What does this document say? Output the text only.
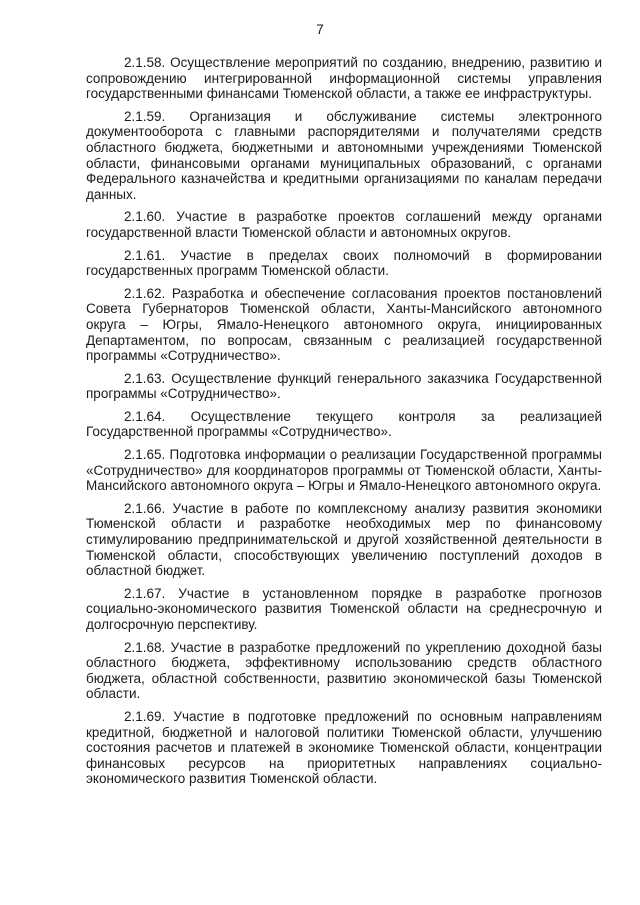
7

2.1.58. Осуществление мероприятий по созданию, внедрению, развитию и сопровождению интегрированной информационной системы управления государственными финансами Тюменской области, а также ее инфраструктуры.

2.1.59. Организация и обслуживание системы электронного документооборота с главными распорядителями и получателями средств областного бюджета, бюджетными и автономными учреждениями Тюменской области, финансовыми органами муниципальных образований, с органами Федерального казначейства и кредитными организациями по каналам передачи данных.

2.1.60. Участие в разработке проектов соглашений между органами государственной власти Тюменской области и автономных округов.

2.1.61. Участие в пределах своих полномочий в формировании государственных программ Тюменской области.

2.1.62. Разработка и обеспечение согласования проектов постановлений Совета Губернаторов Тюменской области, Ханты-Мансийского автономного округа – Югры, Ямало-Ненецкого автономного округа, инициированных Департаментом, по вопросам, связанным с реализацией государственной программы «Сотрудничество».

2.1.63. Осуществление функций генерального заказчика Государственной программы «Сотрудничество».

2.1.64. Осуществление текущего контроля за реализацией Государственной программы «Сотрудничество».

2.1.65. Подготовка информации о реализации Государственной программы «Сотрудничество» для координаторов программы от Тюменской области, Ханты-Мансийского автономного округа – Югры и Ямало-Ненецкого автономного округа.

2.1.66. Участие в работе по комплексному анализу развития экономики Тюменской области и разработке необходимых мер по финансовому стимулированию предпринимательской и другой хозяйственной деятельности в Тюменской области, способствующих увеличению поступлений доходов в областной бюджет.

2.1.67. Участие в установленном порядке в разработке прогнозов социально-экономического развития Тюменской области на среднесрочную и долгосрочную перспективу.

2.1.68. Участие в разработке предложений по укреплению доходной базы областного бюджета, эффективному использованию средств областного бюджета, областной собственности, развитию экономической базы Тюменской области.

2.1.69. Участие в подготовке предложений по основным направлениям кредитной, бюджетной и налоговой политики Тюменской области, улучшению состояния расчетов и платежей в экономике Тюменской области, концентрации финансовых ресурсов на приоритетных направлениях социально-экономического развития Тюменской области.
